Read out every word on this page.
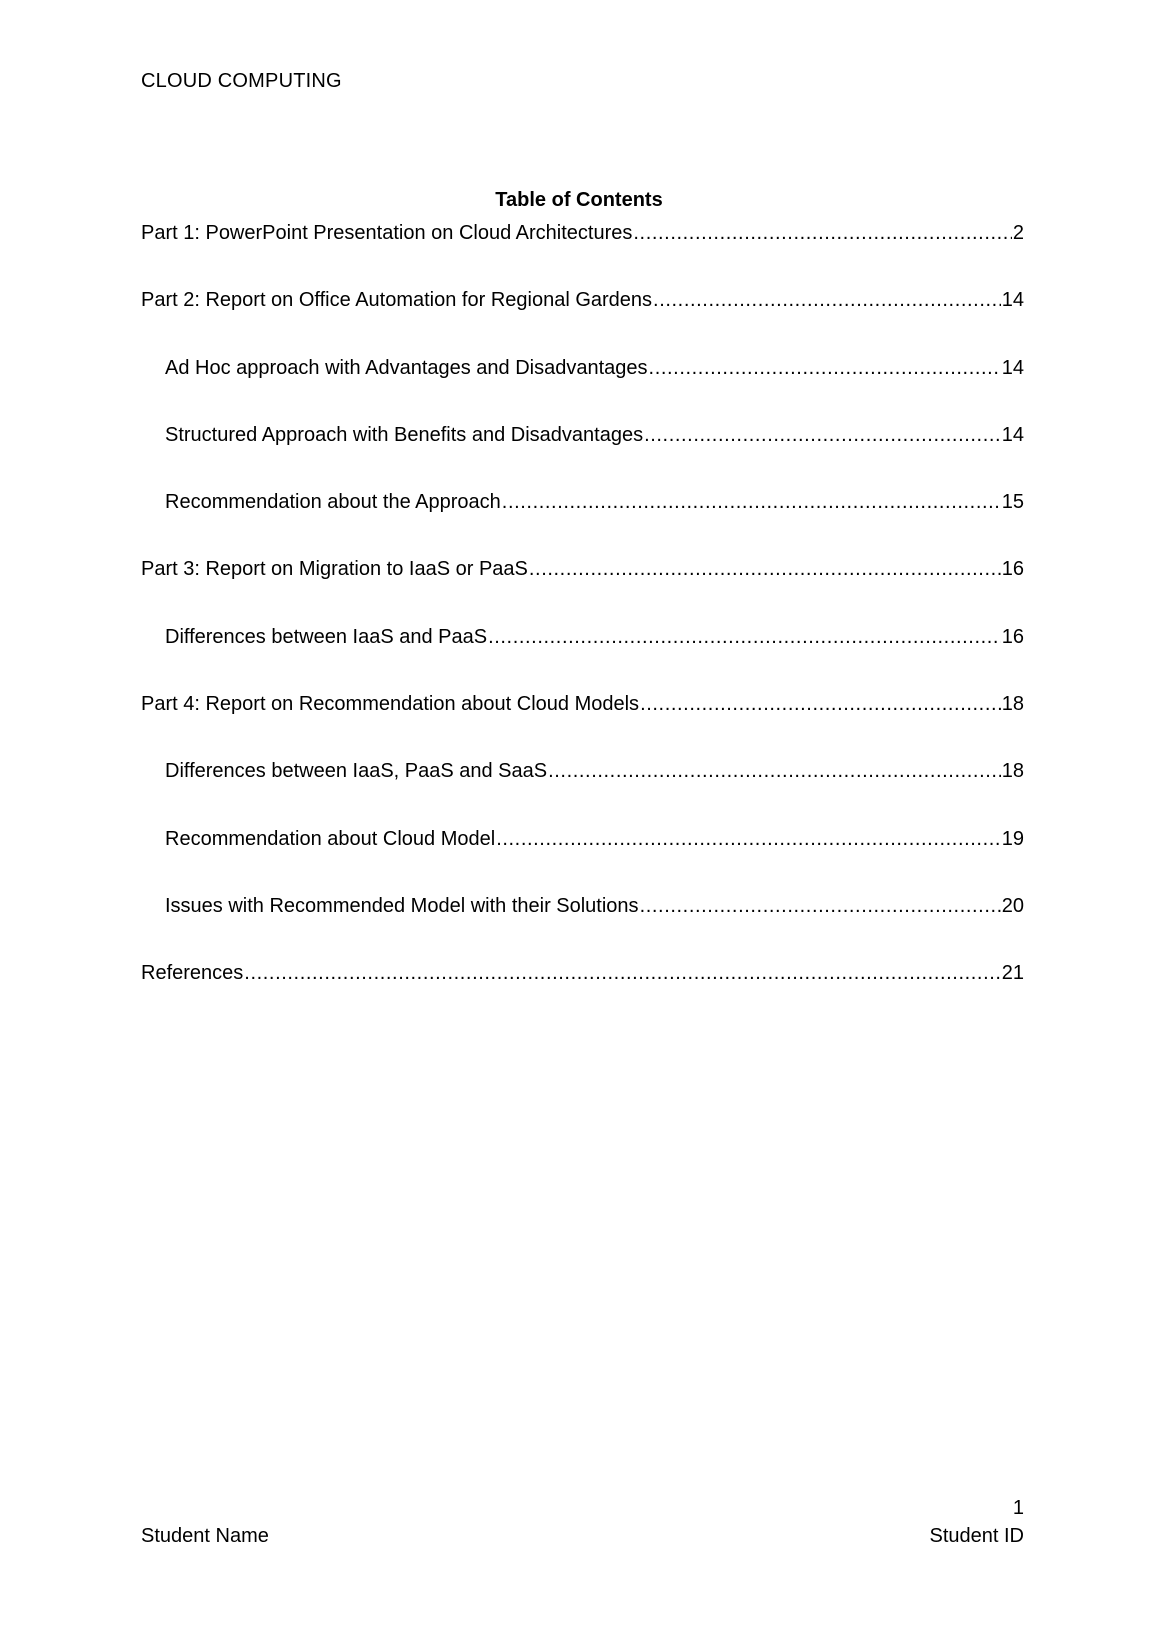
CLOUD COMPUTING
Table of Contents
Part 1: PowerPoint Presentation on Cloud Architectures .....	2
Part 2: Report on Office Automation for Regional Gardens .....	14
Ad Hoc approach with Advantages and Disadvantages .....	14
Structured Approach with Benefits and Disadvantages .....	14
Recommendation about the Approach .....	15
Part 3: Report on Migration to IaaS or PaaS .....	16
Differences between IaaS and PaaS .....	16
Part 4: Report on Recommendation about Cloud Models .....	18
Differences between IaaS, PaaS and SaaS .....	18
Recommendation about Cloud Model .....	19
Issues with Recommended Model with their Solutions .....	20
References .....	21
1
Student Name	Student ID
